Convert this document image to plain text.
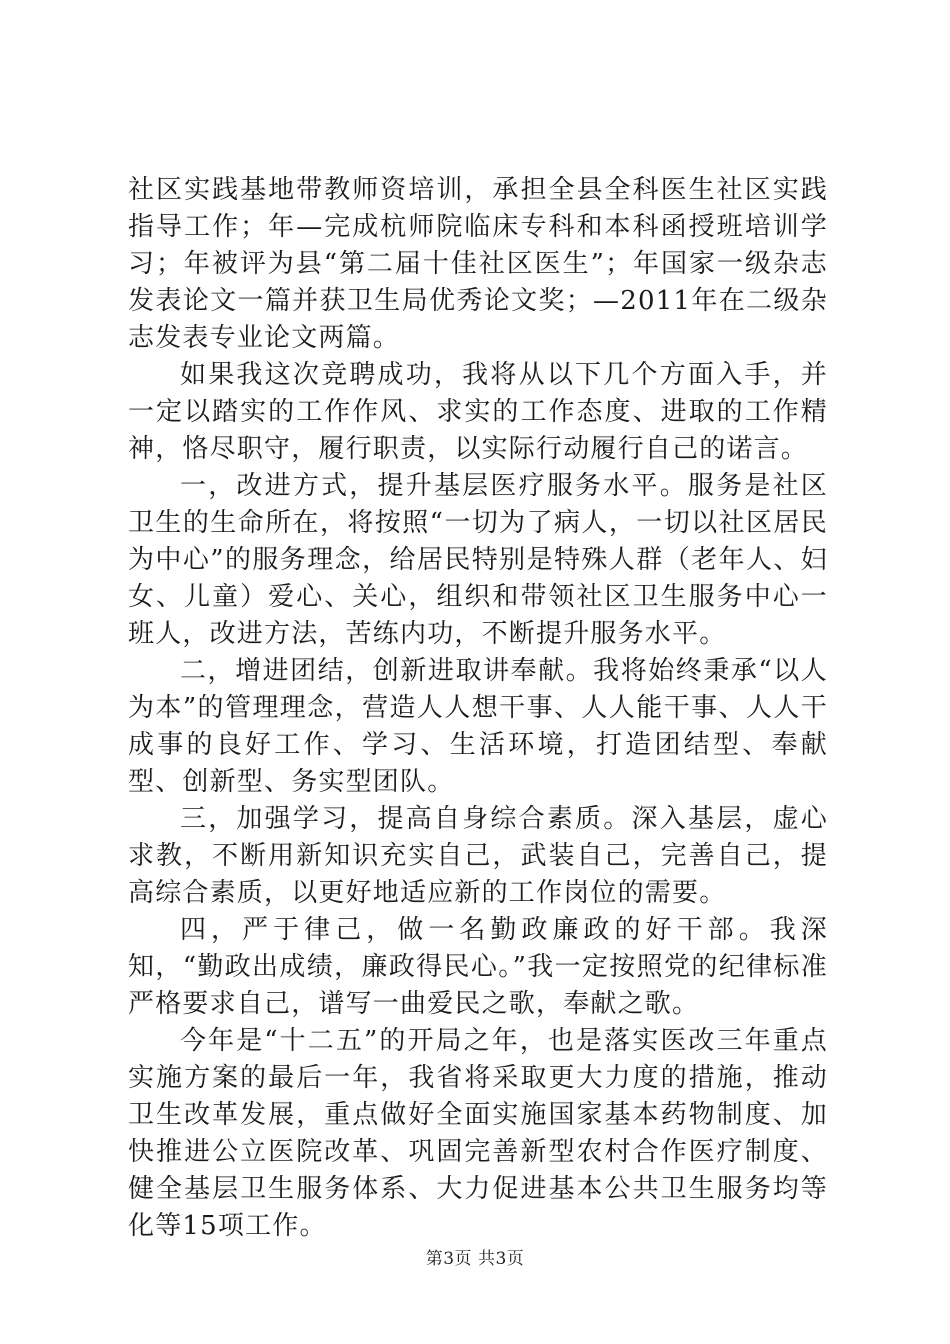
社区实践基地带教师资培训，承担全县全科医生社区实践指导工作；年—完成杭师院临床专科和本科函授班培训学习；年被评为县“第二届十佳社区医生”；年国家一级杂志发表论文一篇并获卫生局优秀论文奖；—2011年在二级杂志发表专业论文两篇。

如果我这次竞聘成功，我将从以下几个方面入手，并一定以踏实的工作作风、求实的工作态度、进取的工作精神，恪尽职守，履行职责，以实际行动履行自己的诺言。

一，改进方式，提升基层医疗服务水平。服务是社区卫生的生命所在，将按照“一切为了病人，一切以社区居民为中心”的服务理念，给居民特别是特殊人群（老年人、妇女、儿童）爱心、关心，组织和带领社区卫生服务中心一班人，改进方法，苦练内功，不断提升服务水平。

二，增进团结，创新进取讲奉献。我将始终秉承“以人为本”的管理理念，营造人人想干事、人人能干事、人人干成事的良好工作、学习、生活环境，打造团结型、奉献型、创新型、务实型团队。

三，加强学习，提高自身综合素质。深入基层，虚心求教，不断用新知识充实自己，武装自己，完善自己，提高综合素质，以更好地适应新的工作岗位的需要。

四，严于律己，做一名勤政廉政的好干部。我深知，“勤政出成绩，廉政得民心。”我一定按照党的纪律标准严格要求自己，谱写一曲爱民之歌，奉献之歌。

今年是“十二五”的开局之年，也是落实医改三年重点实施方案的最后一年，我省将采取更大力度的措施，推动卫生改革发展，重点做好全面实施国家基本药物制度、加快推进公立医院改革、巩固完善新型农村合作医疗制度、健全基层卫生服务体系、大力促进基本公共卫生服务均等化等15项工作。

第3页 共3页
